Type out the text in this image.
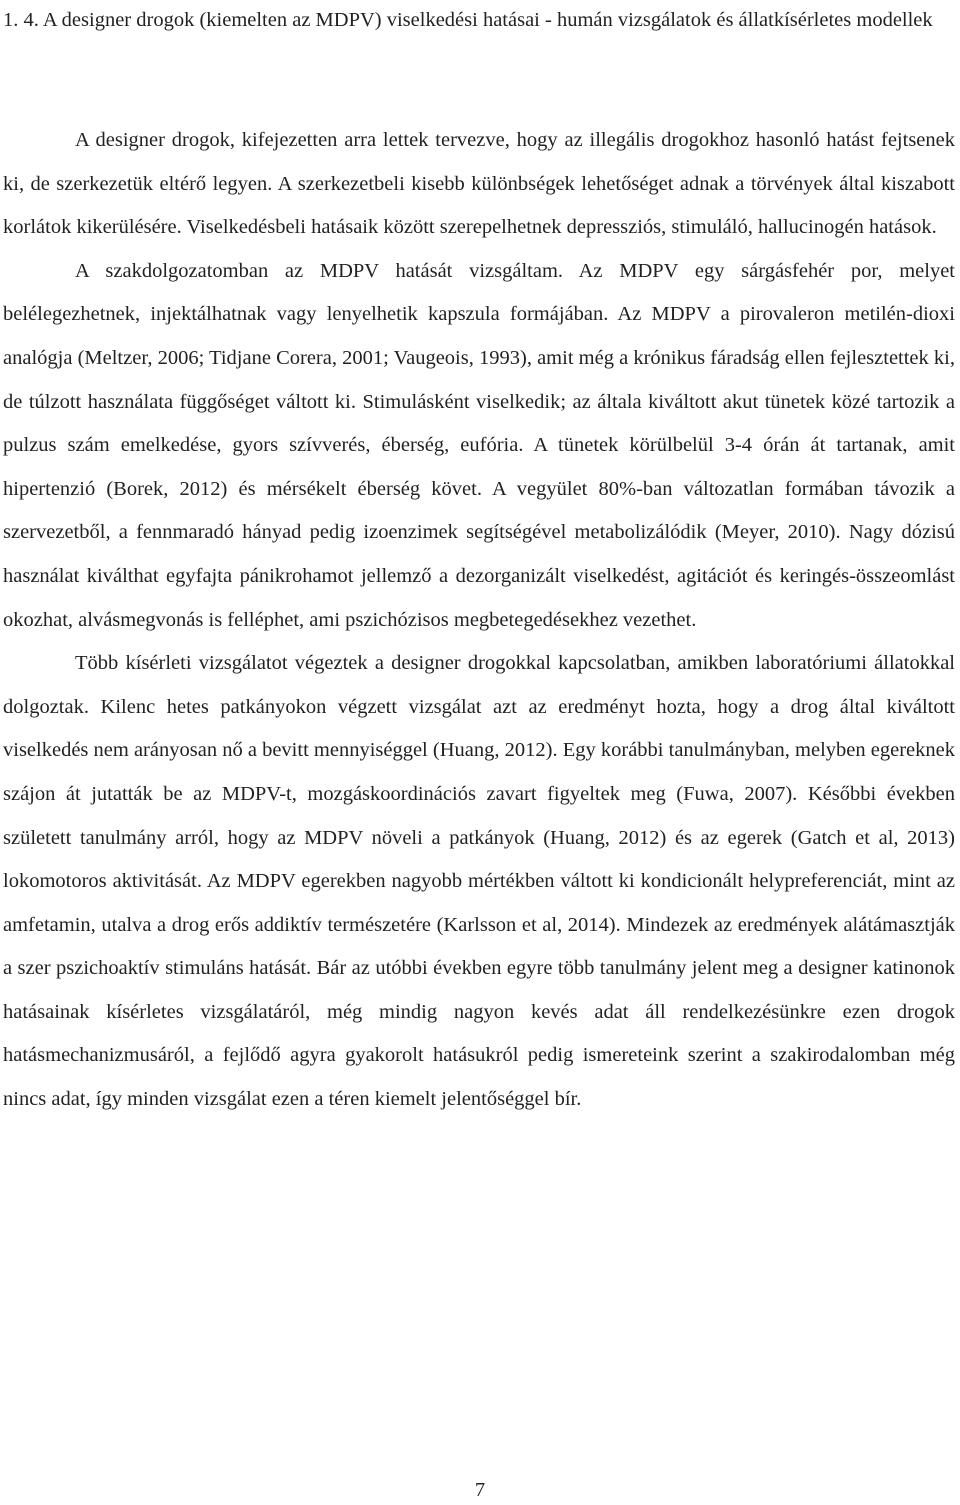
1. 4. A designer drogok (kiemelten az MDPV) viselkedési hatásai - humán vizsgálatok és állatkísérletes modellek

A designer drogok, kifejezetten arra lettek tervezve, hogy az illegális drogokhoz hasonló hatást fejtsenek ki, de szerkezetük eltérő legyen. A szerkezetbeli kisebb különbségek lehetőséget adnak a törvények által kiszabott korlátok kikerülésére. Viselkedésbeli hatásaik között szerepelhetnek depressziós, stimuláló, hallucinogén hatások.

A szakdolgozatomban az MDPV hatását vizsgáltam. Az MDPV egy sárgásfehér por, melyet belélegezhetnek, injektálhatnak vagy lenyelhetik kapszula formájában. Az MDPV a pirovaleron metilén-dioxi analógja (Meltzer, 2006; Tidjane Corera, 2001; Vaugeois, 1993), amit még a krónikus fáradság ellen fejlesztettek ki, de túlzott használata függőséget váltott ki. Stimulásként viselkedik; az általa kiváltott akut tünetek közé tartozik a pulzus szám emelkedése, gyors szívverés, éberség, eufória. A tünetek körülbelül 3-4 órán át tartanak, amit hipertenzió (Borek, 2012) és mérsékelt éberség követ. A vegyület 80%-ban változatlan formában távozik a szervezetből, a fennmaradó hányad pedig izoenzimek segítségével metabolizálódik (Meyer, 2010). Nagy dózisú használat kiválthat egyfajta pánikrohamot jellemző a dezorganizált viselkedést, agitációt és keringés-összeomlást okozhat, alvásmegvonás is felléphet, ami pszichózisos megbetegedésekhez vezethet.

Több kísérleti vizsgálatot végeztek a designer drogokkal kapcsolatban, amikben laboratóriumi állatokkal dolgoztak. Kilenc hetes patkányokon végzett vizsgálat azt az eredményt hozta, hogy a drog által kiváltott viselkedés nem arányosan nő a bevitt mennyiséggel (Huang, 2012). Egy korábbi tanulmányban, melyben egereknek szájon át jutatták be az MDPV-t, mozgáskoordinációs zavart figyeltek meg (Fuwa, 2007). Későbbi években született tanulmány arról, hogy az MDPV növeli a patkányok (Huang, 2012) és az egerek (Gatch et al, 2013) lokomotoros aktivitását. Az MDPV egerekben nagyobb mértékben váltott ki kondicionált helypreferenciát, mint az amfetamin, utalva a drog erős addiktív természetére (Karlsson et al, 2014). Mindezek az eredmények alátámasztják a szer pszichoaktív stimuláns hatását. Bár az utóbbi években egyre több tanulmány jelent meg a designer katinonok hatásainak kísérletes vizsgálatáról, még mindig nagyon kevés adat áll rendelkezésünkre ezen drogok hatásmechanizmusáról, a fejlődő agyra gyakorolt hatásukról pedig ismereteink szerint a szakirodalomban még nincs adat, így minden vizsgálat ezen a téren kiemelt jelentőséggel bír.

7
